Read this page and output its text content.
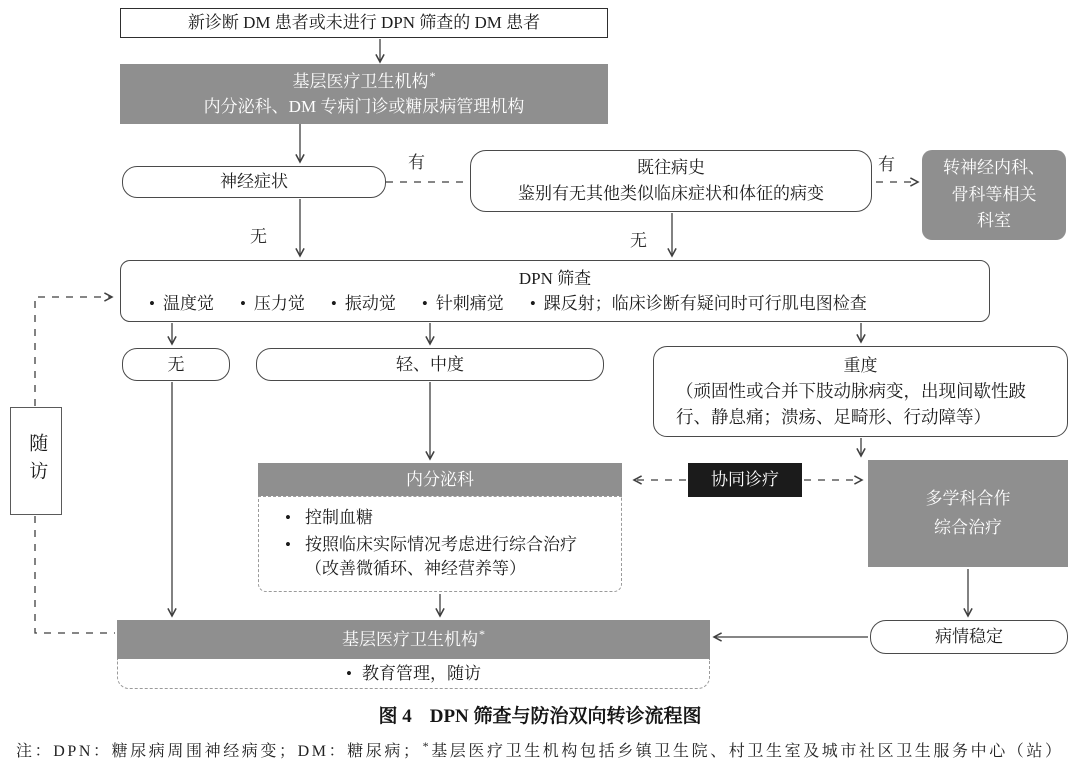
新诊断 DM 患者或未进行 DPN 筛查的 DM 患者
基层医疗卫生机构*
内分泌科、DM 专病门诊或糖尿病管理机构
神经症状
既往病史
鉴别有无其他类似临床症状和体征的病变
转神经内科、
骨科等相关
科室
DPN 筛查
• 温度觉 • 压力觉 • 振动觉 • 针刺痛觉 • 踝反射；临床诊断有疑问时可行肌电图检查
无	轻、中度	重度
（顽固性或合并下肢动脉病变，出现间歇性跛行、静息痛；溃疡、足畸形、行动障等）
随访	内分泌科
• 控制血糖
• 按照临床实际情况考虑进行综合治疗（改善微循环、神经营养等）
协同诊疗
多学科合作
综合治疗
病情稳定
基层医疗卫生机构*
• 教育管理，随访
有	有
无	无
图 4 DPN 筛查与防治双向转诊流程图
注：DPN：糖尿病周围神经病变；DM：糖尿病；*基层医疗卫生机构包括乡镇卫生院、村卫生室及城市社区卫生服务中心（站）
